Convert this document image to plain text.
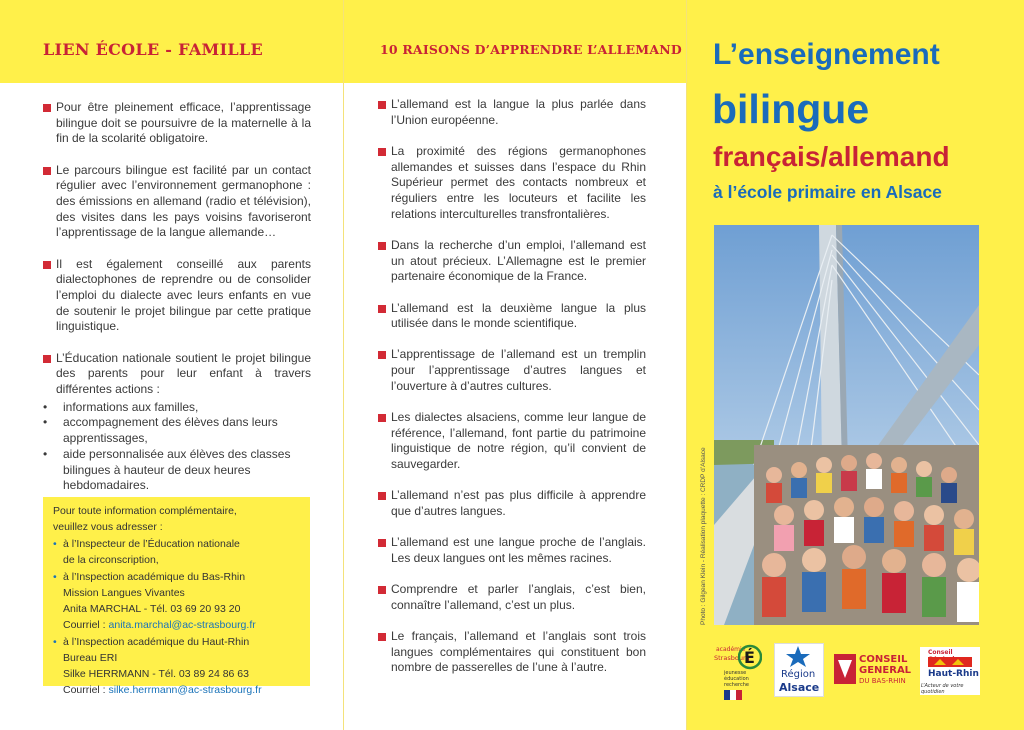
LIEN ÉCOLE - FAMILLE
Pour être pleinement efficace, l’apprentissage bilingue doit se poursuivre de la maternelle à la fin de la scolarité obligatoire.
Le parcours bilingue est facilité par un contact régulier avec l’environnement germanophone : des émissions en allemand (radio et télévision), des visites dans les pays voisins favoriseront l’apprentissage de la langue allemande…
Il est également conseillé aux parents dialectophones de reprendre ou de consolider l’emploi du dialecte avec leurs enfants en vue de soutenir le projet bilingue par cette pratique linguistique.
L’Éducation nationale soutient le projet bilingue des parents pour leur enfant à travers différentes actions :
• informations aux familles,
• accompagnement des élèves dans leurs apprentissages,
• aide personnalisée aux élèves des classes bilingues à hauteur de deux heures hebdomadaires.
Pour toute information complémentaire,
veuillez vous adresser :
• à l’Inspecteur de l’Éducation nationale
de la circonscription,
• à l’Inspection académique du Bas-Rhin
Mission Langues Vivantes
Anita MARCHAL - Tél. 03 69 20 93 20
Courriel : anita.marchal@ac-strasbourg.fr
• à l’Inspection académique du Haut-Rhin
Bureau ERI
Silke HERRMANN - Tél. 03 89 24 86 63
Courriel : silke.herrmann@ac-strasbourg.fr
10 RAISONS D’APPRENDRE L’ALLEMAND
L’allemand est la langue la plus parlée dans l’Union européenne.
La proximité des régions germanophones allemandes et suisses dans l’espace du Rhin Supérieur permet des contacts nombreux et réguliers entre les locuteurs et facilite les relations interculturelles transfrontalières.
Dans la recherche d’un emploi, l’allemand est un atout précieux. L’Allemagne est le premier partenaire économique de la France.
L’allemand est la deuxième langue la plus utilisée dans le monde scientifique.
L’apprentissage de l’allemand est un tremplin pour l’apprentissage d’autres langues et l’ouverture à d’autres cultures.
Les dialectes alsaciens, comme leur langue de référence, l’allemand, font partie du patrimoine linguistique de notre région, qu’il convient de sauvegarder.
L’allemand n’est pas plus difficile à apprendre que d’autres langues.
L’allemand est une langue proche de l’anglais. Les deux langues ont les mêmes racines.
Comprendre et parler l’anglais, c’est bien, connaître l’allemand, c’est un plus.
Le français, l’allemand et l’anglais sont trois langues complémentaires qui constituent bon nombre de passerelles de l’une à l’autre.
L’enseignement
bilingue
français/allemand
à l’école primaire en Alsace
académie
Strasbourg
É
jeunesse
éducation
recherche
Région
Alsace
CONSEIL
GENERAL
DU BAS-RHIN
Conseil
Haut-Rhin
L’Acteur de votre quotidien
